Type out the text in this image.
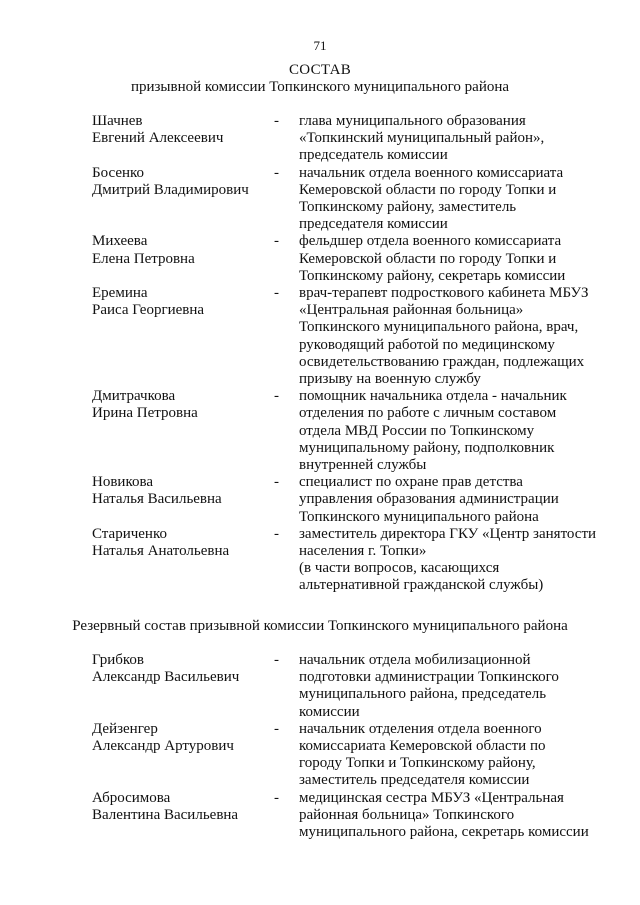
71
СОСТАВ
призывной комиссии Топкинского муниципального района
Шачнев
Евгений Алексеевич
- глава муниципального образования
«Топкинский муниципальный район»,
председатель комиссии
Босенко
Дмитрий Владимирович
- начальник отдела военного комиссариата
Кемеровской области по городу Топки и
Топкинскому району, заместитель
председателя комиссии
Михеева
Елена Петровна
- фельдшер отдела военного комиссариата
Кемеровской области по городу Топки и
Топкинскому району, секретарь комиссии
Еремина
Раиса Георгиевна
- врач-терапевт подросткового кабинета МБУЗ
«Центральная районная больница»
Топкинского муниципального района, врач,
руководящий работой по медицинскому
освидетельствованию граждан, подлежащих
призыву на военную службу
Дмитрачкова
Ирина Петровна
- помощник начальника отдела - начальник
отделения по работе с личным составом
отдела МВД России по Топкинскому
муниципальному району, подполковник
внутренней службы
Новикова
Наталья Васильевна
- специалист по охране прав детства
управления образования администрации
Топкинского муниципального района
Стариченко
Наталья Анатольевна
- заместитель директора ГКУ «Центр занятости
населения г. Топки»
(в части вопросов, касающихся
альтернативной гражданской службы)
Резервный состав призывной комиссии Топкинского муниципального района
Грибков
Александр Васильевич
- начальник отдела мобилизационной
подготовки администрации Топкинского
муниципального района, председатель
комиссии
Дейзенгер
Александр Артурович
- начальник отделения отдела военного
комиссариата Кемеровской области по
городу Топки и Топкинскому району,
заместитель председателя комиссии
Абросимова
Валентина Васильевна
- медицинская сестра МБУЗ «Центральная
районная больница» Топкинского
муниципального района, секретарь комиссии
